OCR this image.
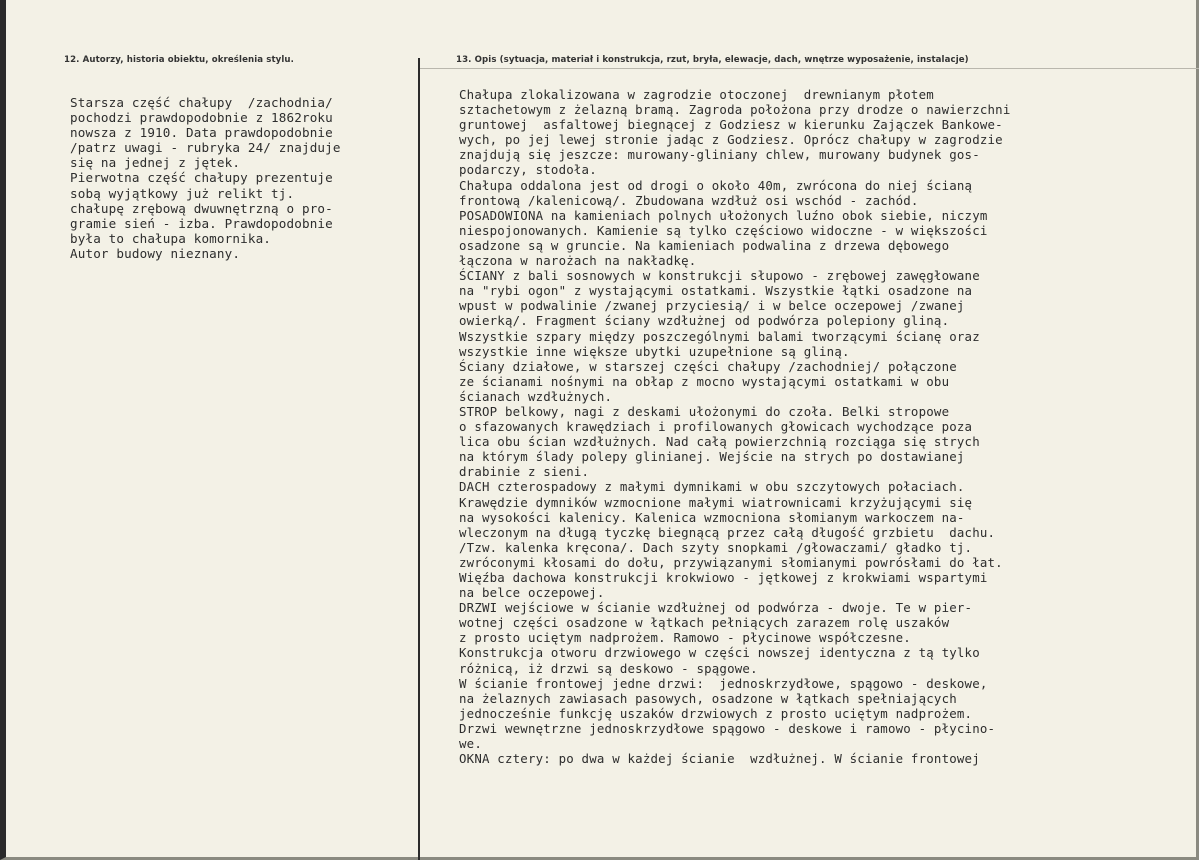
12. Autorzy, historia obiektu, określenia stylu.	13. Opis (sytuacja, materiał i konstrukcja, rzut, bryła, elewacje, dach, wnętrze wyposażenie, instalacje)
Starsza część chałupy  /zachodnia/
pochodzi prawdopodobnie z 1862roku
nowsza z 1910. Data prawdopodobnie
/patrz uwagi - rubryka 24/ znajduje
się na jednej z jętek.
Pierwotna część chałupy prezentuje
sobą wyjątkowy już relikt tj.
chałupę zrębową dwuwnętrzną o pro-
gramie sień - izba. Prawdopodobnie
była to chałupa komornika.
Autor budowy nieznany.
Chałupa zlokalizowana w zagrodzie otoczonej  drewnianym płotem
sztachetowym z żelazną bramą. Zagroda położona przy drodze o nawierzchni
gruntowej  asfaltowej biegnącej z Godziesz w kierunku Zajączek Bankowe-
wych, po jej lewej stronie jadąc z Godziesz. Oprócz chałupy w zagrodzie
znajdują się jeszcze: murowany-gliniany chlew, murowany budynek gos-
podarczy, stodoła.
Chałupa oddalona jest od drogi o około 40m, zwrócona do niej ścianą
frontową /kalenicową/. Zbudowana wzdłuż osi wschód - zachód.
POSADOWIONA na kamieniach polnych ułożonych luźno obok siebie, niczym
niespojonowanych. Kamienie są tylko częściowo widoczne - w większości
osadzone są w gruncie. Na kamieniach podwalina z drzewa dębowego
łączona w narożach na nakładkę.
ŚCIANY z bali sosnowych w konstrukcji słupowo - zrębowej zawęgłowane
na "rybi ogon" z wystającymi ostatkami. Wszystkie łątki osadzone na
wpust w podwalinie /zwanej przyciesią/ i w belce oczepowej /zwanej
owierką/. Fragment ściany wzdłużnej od podwórza polepiony gliną.
Wszystkie szpary między poszczególnymi balami tworzącymi ścianę oraz
wszystkie inne większe ubytki uzupełnione są gliną.
Ściany działowe, w starszej części chałupy /zachodniej/ połączone
ze ścianami nośnymi na obłap z mocno wystającymi ostatkami w obu
ścianach wzdłużnych.
STROP belkowy, nagi z deskami ułożonymi do czoła. Belki stropowe
o sfazowanych krawędziach i profilowanych głowicach wychodzące poza
lica obu ścian wzdłużnych. Nad całą powierzchnią rozciąga się strych
na którym ślady polepy glinianej. Wejście na strych po dostawianej
drabinie z sieni.
DACH czterospadowy z małymi dymnikami w obu szczytowych połaciach.
Krawędzie dymników wzmocnione małymi wiatrownicami krzyżującymi się
na wysokości kalenicy. Kalenica wzmocniona słomianym warkoczem na-
wleczonym na długą tyczkę biegnącą przez całą długość grzbietu  dachu.
/Tzw. kalenka kręcona/. Dach szyty snopkami /głowaczami/ gładko tj.
zwróconymi kłosami do dołu, przywiązanymi słomianymi powrósłami do łat.
Więźba dachowa konstrukcji krokwiowo - jętkowej z krokwiami wspartymi
na belce oczepowej.
DRZWI wejściowe w ścianie wzdłużnej od podwórza - dwoje. Te w pier-
wotnej części osadzone w łątkach pełniących zarazem rolę uszaków
z prosto uciętym nadprożem. Ramowo - płycinowe współczesne.
Konstrukcja otworu drzwiowego w części nowszej identyczna z tą tylko
różnicą, iż drzwi są deskowo - spągowe.
W ścianie frontowej jedne drzwi:  jednoskrzydłowe, spągowo - deskowe,
na żelaznych zawiasach pasowych, osadzone w łątkach spełniających
jednocześnie funkcję uszaków drzwiowych z prosto uciętym nadprożem.
Drzwi wewnętrzne jednoskrzydłowe spągowo - deskowe i ramowo - płycino-
we.
OKNA cztery: po dwa w każdej ścianie  wzdłużnej. W ścianie frontowej
